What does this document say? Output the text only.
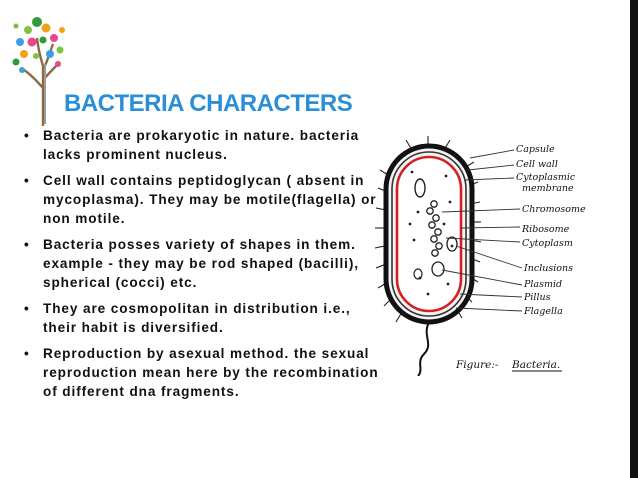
BACTERIA CHARACTERS
• Bacteria are prokaryotic in nature. bacteria lacks prominent nucleus.
• Cell wall contains peptidoglycan ( absent in mycoplasma). They may be motile(flagella) or non motile.
• Bacteria posses variety of shapes in them. example - they may be rod shaped (bacilli), spherical (cocci) etc.
• They are cosmopolitan in distribution i.e., their habit is diversified.
• Reproduction by asexual method. the sexual reproduction mean here by the recombination of different dna fragments.
Capsule
Cell wall
Cytoplasmic
membrane
Chromosome
Ribosome
Cytoplasm
Inclusions
Plasmid
Pillus
Flagella
Figure:- Bacteria.
